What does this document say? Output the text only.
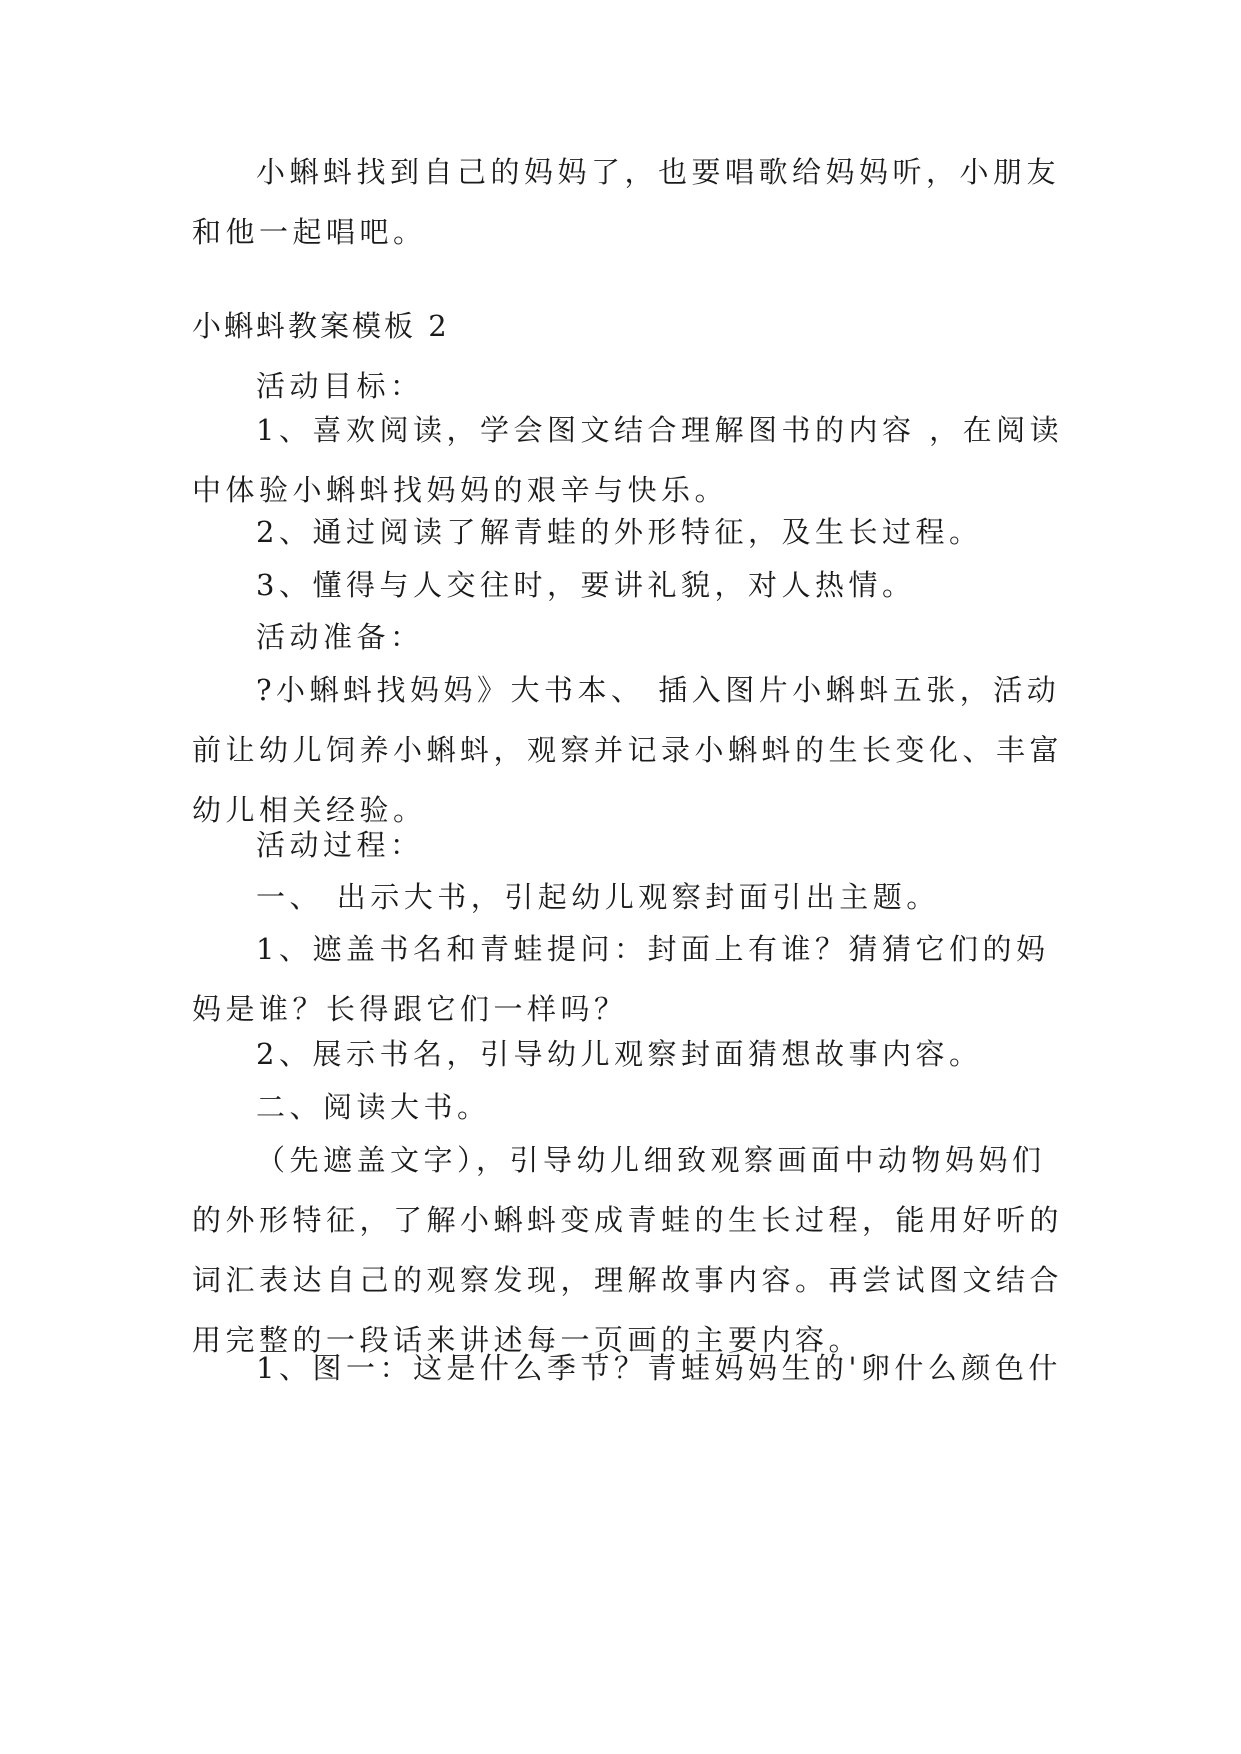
小蝌蚪找到自己的妈妈了，也要唱歌给妈妈听，小朋友和他一起唱吧。

小蝌蚪教案模板 2

活动目标：

1、喜欢阅读，学会图文结合理解图书的内容 ，在阅读中体验小蝌蚪找妈妈的艰辛与快乐。

2、通过阅读了解青蛙的外形特征，及生长过程。

3、懂得与人交往时，要讲礼貌，对人热情。

活动准备：

?小蝌蚪找妈妈》大书本、 插入图片小蝌蚪五张，活动前让幼儿饲养小蝌蚪，观察并记录小蝌蚪的生长变化、丰富幼儿相关经验。

活动过程：

一、 出示大书，引起幼儿观察封面引出主题。

1、遮盖书名和青蛙提问：封面上有谁？猜猜它们的妈妈是谁？长得跟它们一样吗？

2、展示书名，引导幼儿观察封面猜想故事内容。

二、阅读大书。

（先遮盖文字），引导幼儿细致观察画面中动物妈妈们的外形特征，了解小蝌蚪变成青蛙的生长过程，能用好听的词汇表达自己的观察发现，理解故事内容。再尝试图文结合用完整的一段话来讲述每一页画的主要内容。

1、图一：这是什么季节？青蛙妈妈生的'卵什么颜色什
